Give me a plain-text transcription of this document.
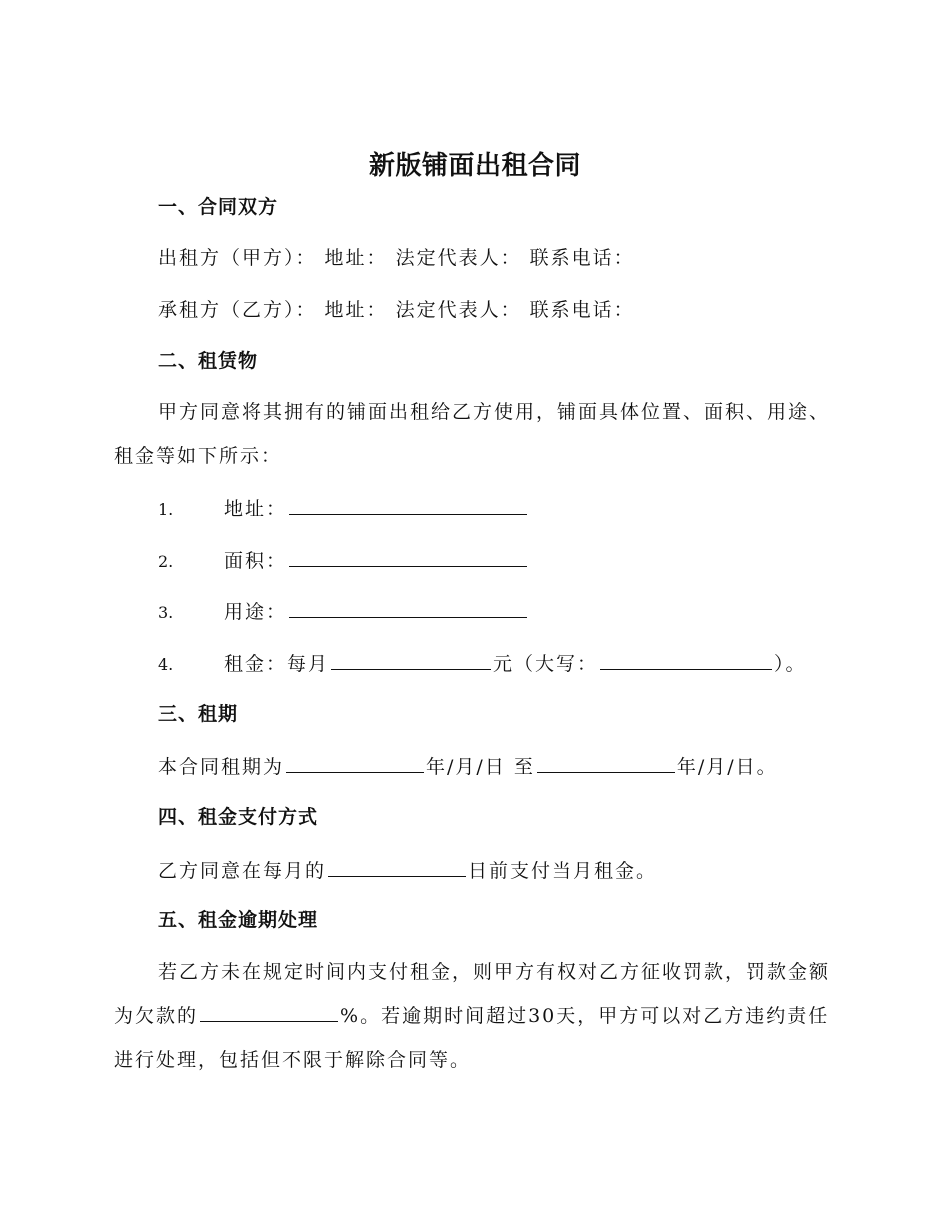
新版铺面出租合同
一、合同双方
出租方（甲方）： 地址： 法定代表人： 联系电话：
承租方（乙方）： 地址： 法定代表人： 联系电话：
二、租赁物
甲方同意将其拥有的铺面出租给乙方使用，铺面具体位置、面积、用途、租金等如下所示：
1.	地址：
2.	面积：
3.	用途：
4.	租金：每月	元（大写：	）。
三、租期
本合同租期为	年/月/日 至	年/月/日。
四、租金支付方式
乙方同意在每月的	日前支付当月租金。
五、租金逾期处理
若乙方未在规定时间内支付租金，则甲方有权对乙方征收罚款，罚款金额为欠款的	%。若逾期时间超过30天，甲方可以对乙方违约责任进行处理，包括但不限于解除合同等。
